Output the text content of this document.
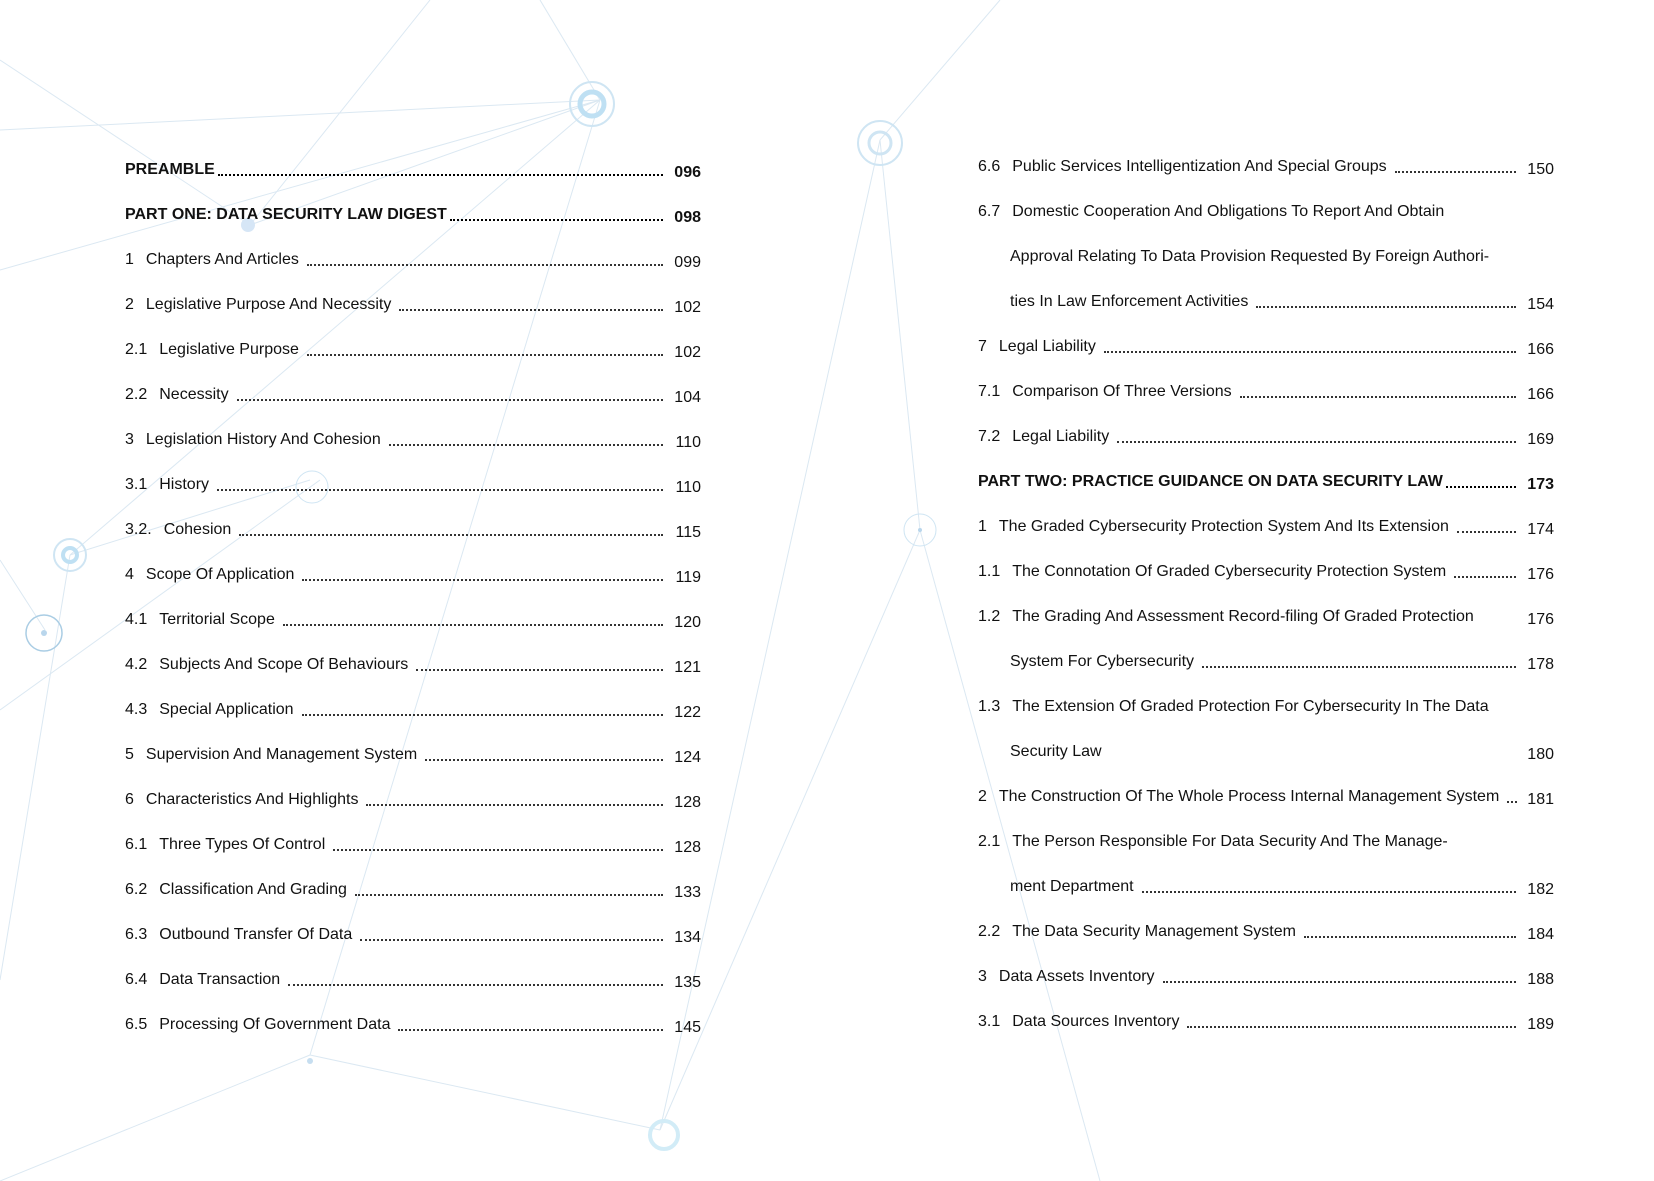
PREAMBLE	096
PART ONE: DATA SECURITY LAW DIGEST	098
1 Chapters And Articles	099
2 Legislative Purpose And Necessity	102
2.1 Legislative Purpose	102
2.2 Necessity	104
3 Legislation History And Cohesion	110
3.1 History	110
3.2. Cohesion	115
4 Scope Of Application	119
4.1 Territorial Scope	120
4.2 Subjects And Scope Of Behaviours	121
4.3 Special Application	122
5 Supervision And Management System	124
6 Characteristics And Highlights	128
6.1 Three Types Of Control	128
6.2 Classification And Grading	133
6.3 Outbound Transfer Of Data	134
6.4 Data Transaction	135
6.5 Processing Of Government Data	145
6.6 Public Services Intelligentization And Special Groups	150
6.7 Domestic Cooperation And Obligations To Report And Obtain
Approval Relating To Data Provision Requested By Foreign Authori-
ties In Law Enforcement Activities	154
7 Legal Liability	166
7.1 Comparison Of Three Versions	166
7.2 Legal Liability	169
PART TWO: PRACTICE GUIDANCE ON DATA SECURITY LAW	173
1 The Graded Cybersecurity Protection System And Its Extension	174
1.1 The Connotation Of Graded Cybersecurity Protection System	176
1.2 The Grading And Assessment Record-filing Of Graded Protection	176
System For Cybersecurity	178
1.3 The Extension Of Graded Protection For Cybersecurity In The Data
Security Law	180
2 The Construction Of The Whole Process Internal Management System 181
2.1 The Person Responsible For Data Security And The Manage-
ment Department	182
2.2 The Data Security Management System	184
3 Data Assets Inventory	188
3.1 Data Sources Inventory	189
